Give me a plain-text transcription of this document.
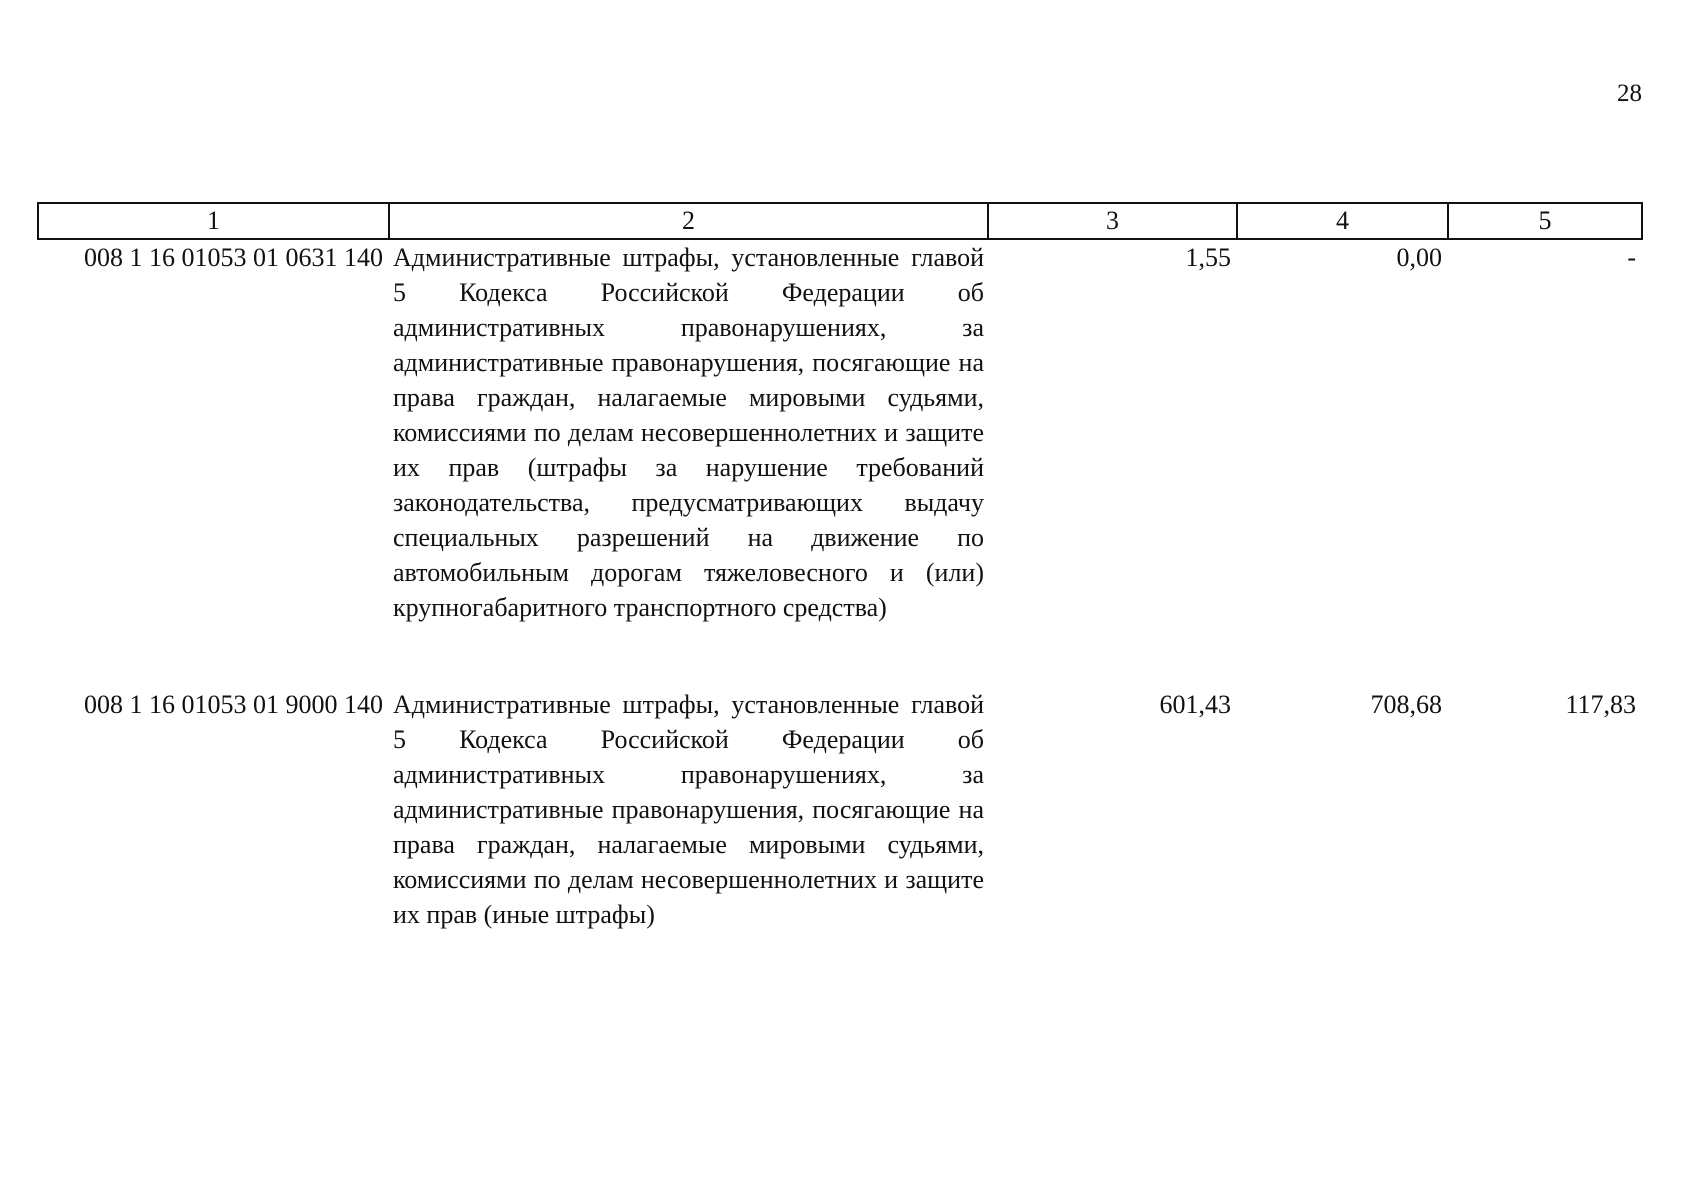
28
1	2	3	4	5
008 1 16 01053 01 0631 140	Административные штрафы, установленные главой 5 Кодекса Российской Федерации об административных правонарушениях, за административные правонарушения, посягающие на права граждан, налагаемые мировыми судьями, комиссиями по делам несовершеннолетних и защите их прав (штрафы за нарушение требований законодательства, предусматривающих выдачу специальных разрешений на движение по автомобильным дорогам тяжеловесного и (или) крупногабаритного транспортного средства)	1,55	0,00	-

008 1 16 01053 01 9000 140	Административные штрафы, установленные главой 5 Кодекса Российской Федерации об административных правонарушениях, за административные правонарушения, посягающие на права граждан, налагаемые мировыми судьями, комиссиями по делам несовершеннолетних и защите их прав (иные штрафы)	601,43	708,68	117,83
